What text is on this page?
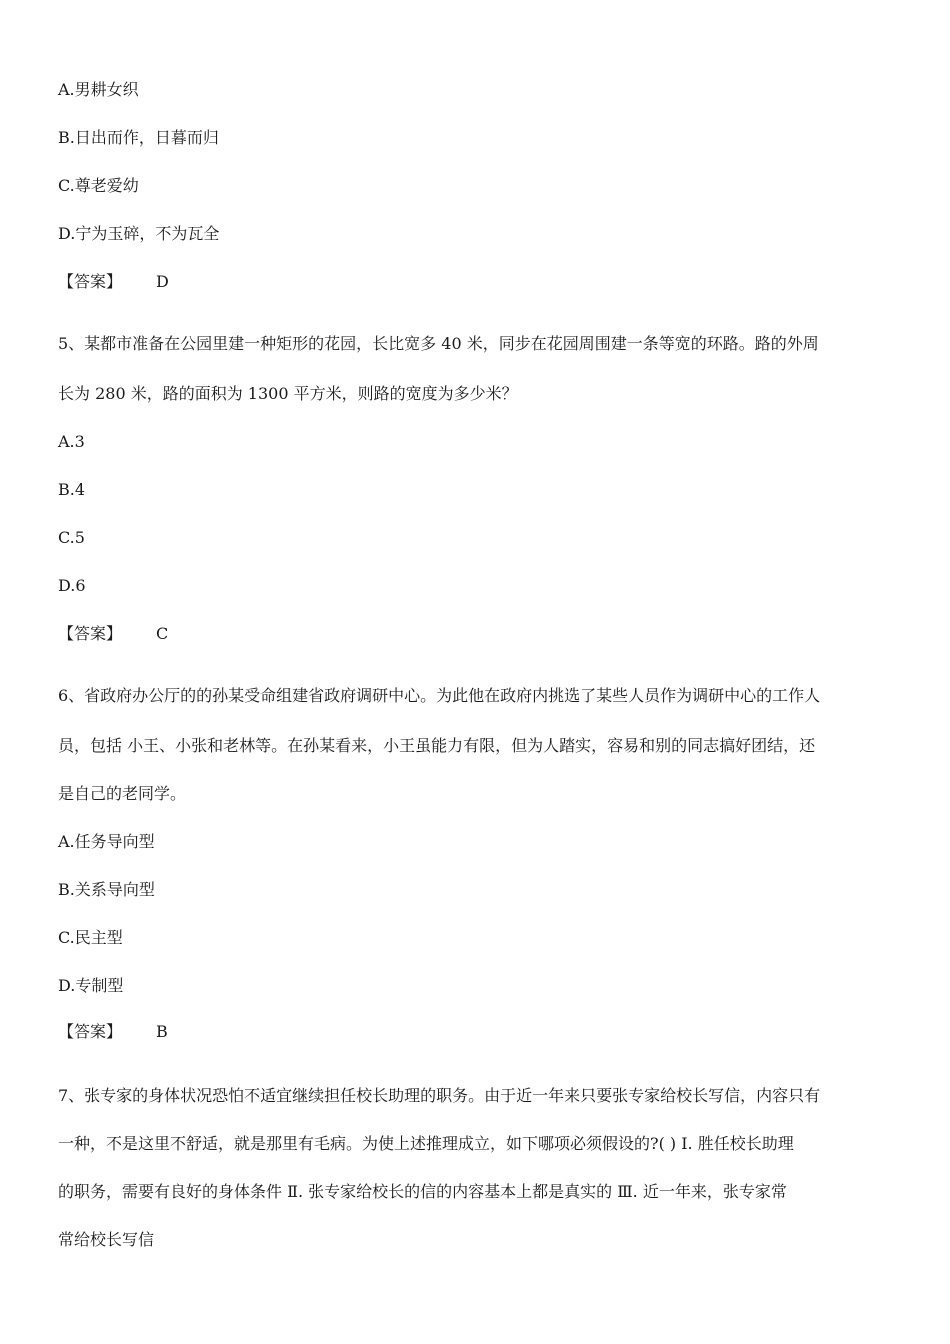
A.男耕女织
B.日出而作，日暮而归
C.尊老爱幼
D.宁为玉碎，不为瓦全
【答案】 D
5、某都市准备在公园里建一种矩形的花园，长比宽多 40 米，同步在花园周围建一条等宽的环路。路的外周
长为 280 米，路的面积为 1300 平方米，则路的宽度为多少米？
A.3
B.4
C.5
D.6
【答案】 C
6、省政府办公厅的的孙某受命组建省政府调研中心。为此他在政府内挑选了某些人员作为调研中心的工作人
员，包括 小王、小张和老林等。在孙某看来，小王虽能力有限，但为人踏实，容易和别的同志搞好团结，还
是自己的老同学。
A.任务导向型
B.关系导向型
C.民主型
D.专制型
【答案】 B
7、张专家的身体状况恐怕不适宜继续担任校长助理的职务。由于近一年来只要张专家给校长写信，内容只有
一种，不是这里不舒适，就是那里有毛病。为使上述推理成立，如下哪项必须假设的?( ) Ⅰ. 胜任校长助理
的职务，需要有良好的身体条件 Ⅱ. 张专家给校长的信的内容基本上都是真实的 Ⅲ. 近一年来，张专家常
常给校长写信
